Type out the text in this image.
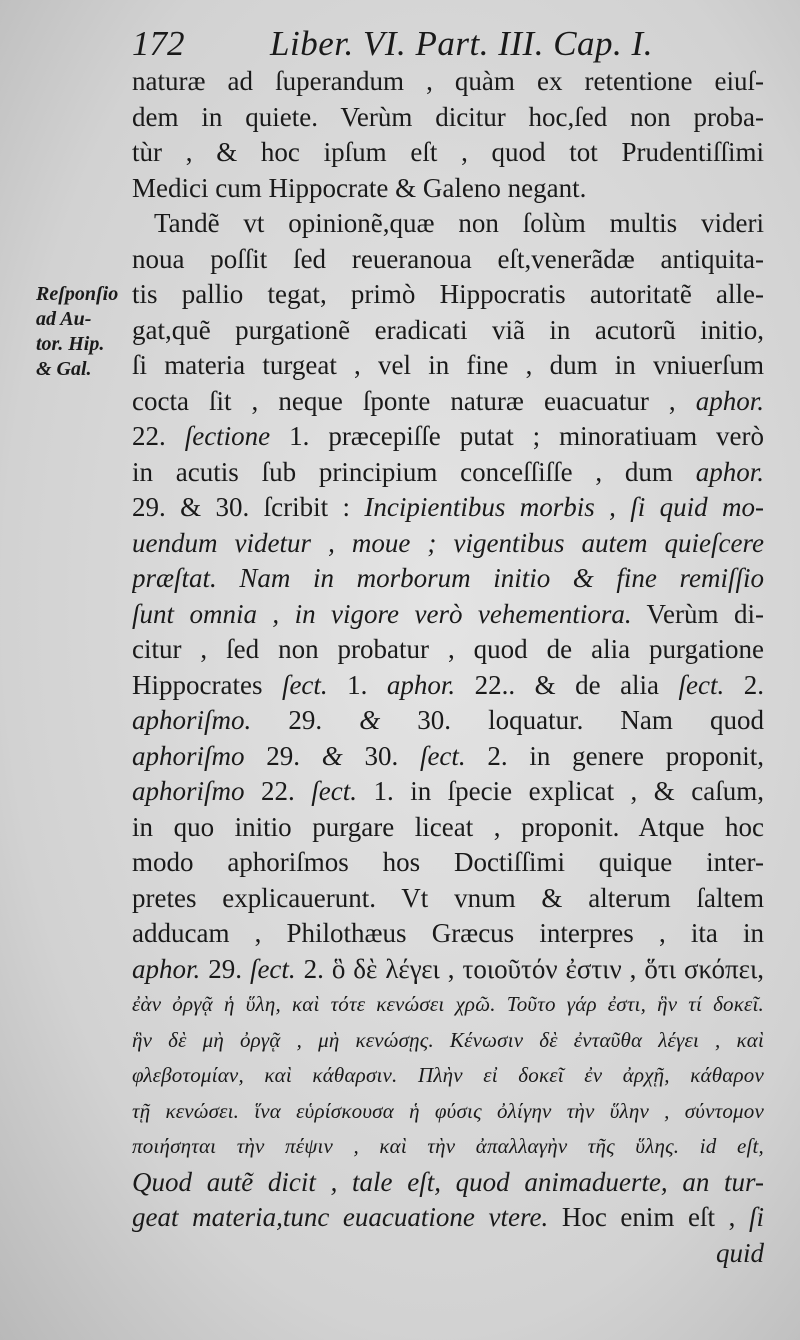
172 Liber. VI. Part. III. Cap. I.
Reſponſio
ad Au-
tor. Hip.
& Gal.
naturæ ad ſuperandum , quàm ex retentione eiuſ-
dem in quiete. Verùm dicitur hoc,ſed non proba-
tùr , & hoc ipſum eſt , quod tot Prudentiſſimi
Medici cum Hippocrate & Galeno negant.
Tandẽ vt opinionẽ,quæ non ſolùm multis videri
noua poſſit ſed reueranoua eſt,venerãdæ antiquita-
tis pallio tegat, primò Hippocratis autoritatẽ alle-
gat,quẽ purgationẽ eradicati viã in acutorũ initio,
ſi materia turgeat , vel in fine , dum in vniuerſum
cocta ſit , neque ſponte naturæ euacuatur , aphor.
22. ſectione 1. præcepiſſe putat ; minoratiuam verò
in acutis ſub principium conceſſiſſe , dum aphor.
29. & 30. ſcribit : Incipientibus morbis , ſi quid mo-
uendum videtur , moue ; vigentibus autem quieſcere
præſtat. Nam in morborum initio & fine remiſſio
ſunt omnia , in vigore verò vehementiora. Verùm di-
citur , ſed non probatur , quod de alia purgatione
Hippocrates ſect. 1. aphor. 22.. & de alia ſect. 2.
aphoriſmo. 29. & 30. loquatur. Nam quod
aphoriſmo 29. & 30. ſect. 2. in genere proponit,
aphoriſmo 22. ſect. 1. in ſpecie explicat , & caſum,
in quo initio purgare liceat , proponit. Atque hoc
modo aphoriſmos hos Doctiſſimi quique inter-
pretes explicauerunt. Vt vnum & alterum ſaltem
adducam , Philothæus Græcus interpres , ita in
aphor. 29. ſect. 2. ὃ δὲ λέγει , τοιοῦτόν ἐστιν , ὅτι σκόπει,
ἐὰν ὀργᾷ ἡ ὕλη, καὶ τότε κενώσει χρῶ. Τοῦτο γάρ ἐστι, ἣν τί δοκεῖ.
ἣν δὲ μὴ ὀργᾷ , μὴ κενώσῃς. Κένωσιν δὲ ἐνταῦθα λέγει , καὶ
φλεβοτομίαν, καὶ κάθαρσιν. Πλὴν εἰ δοκεῖ ἐν ἀρχῇ, κάθαρον
τῇ κενώσει. ἵνα εὑρίσκουσα ἡ φύσις ὀλίγην τὴν ὕλην , σύντομον
ποιήσηται τὴν πέψιν , καὶ τὴν ἀπαλλαγὴν τῆς ὕλης. id eſt,
Quod autẽ dicit , tale eſt, quod animaduerte, an tur-
geat materia,tunc euacuatione vtere. Hoc enim eſt , ſi
quid
